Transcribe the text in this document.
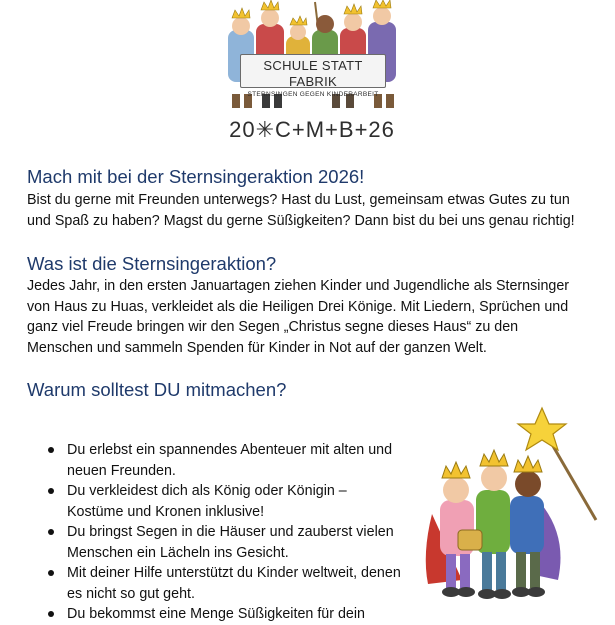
SCHULE STATT FABRIK
STERNSINGEN GEGEN KINDERARBEIT
20✳C+M+B+26
Mach mit bei der Sternsingeraktion 2026!

Bist du gerne mit Freunden unterwegs? Hast du Lust, gemeinsam etwas Gutes zu tun und Spaß zu haben? Magst du gerne Süßigkeiten? Dann bist du bei uns genau richtig!

Was ist die Sternsingeraktion?

Jedes Jahr, in den ersten Januartagen ziehen Kinder und Jugendliche als Sternsinger von Haus zu Huas, verkleidet als die Heiligen Drei Könige. Mit Liedern, Sprüchen und ganz viel Freude bringen wir den Segen „Christus segne dieses Haus“ zu den Menschen und sammeln Spenden für Kinder in Not auf der ganzen Welt.

Warum solltest DU mitmachen?
Du erlebst ein spannendes Abenteuer mit alten und neuen Freunden.
Du verkleidest dich als König oder Königin – Kostüme und Kronen inklusive!
Du bringst Segen in die Häuser und zauberst vielen Menschen ein Lächeln ins Gesicht.
Mit deiner Hilfe unterstützt du Kinder weltweit, denen es nicht so gut geht.
Du bekommst eine Menge Süßigkeiten für dein
